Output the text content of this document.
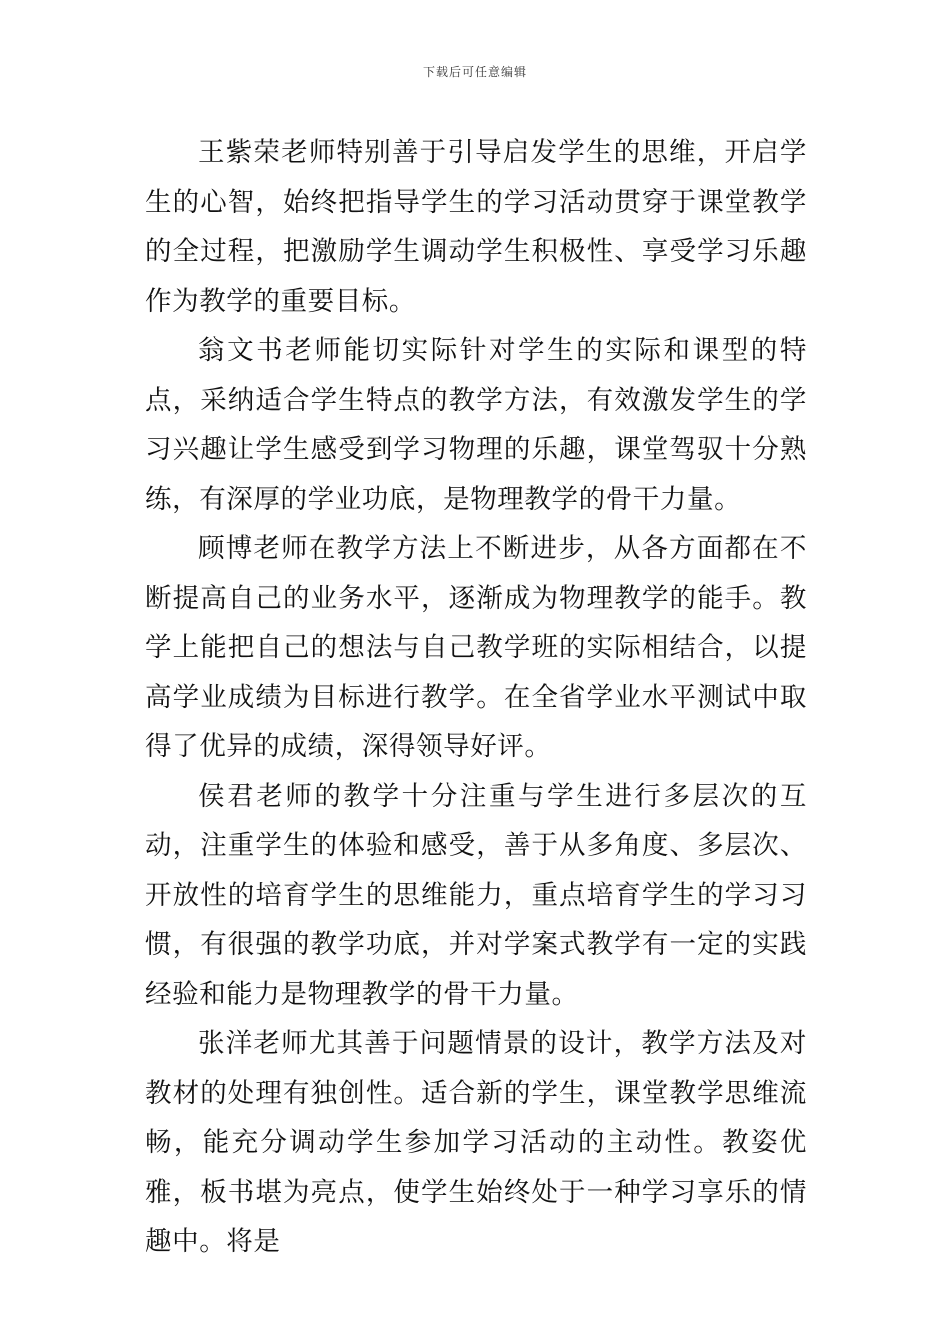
下载后可任意编辑

王紫荣老师特别善于引导启发学生的思维，开启学生的心智，始终把指导学生的学习活动贯穿于课堂教学的全过程，把激励学生调动学生积极性、享受学习乐趣作为教学的重要目标。

翁文书老师能切实际针对学生的实际和课型的特点，采纳适合学生特点的教学方法，有效激发学生的学习兴趣让学生感受到学习物理的乐趣，课堂驾驭十分熟练，有深厚的学业功底，是物理教学的骨干力量。

顾博老师在教学方法上不断进步，从各方面都在不断提高自己的业务水平，逐渐成为物理教学的能手。教学上能把自己的想法与自己教学班的实际相结合，以提高学业成绩为目标进行教学。在全省学业水平测试中取得了优异的成绩，深得领导好评。

侯君老师的教学十分注重与学生进行多层次的互动，注重学生的体验和感受，善于从多角度、多层次、开放性的培育学生的思维能力，重点培育学生的学习习惯，有很强的教学功底，并对学案式教学有一定的实践经验和能力是物理教学的骨干力量。

张洋老师尤其善于问题情景的设计，教学方法及对教材的处理有独创性。适合新的学生，课堂教学思维流畅，能充分调动学生参加学习活动的主动性。教姿优雅，板书堪为亮点，使学生始终处于一种学习享乐的情趣中。将是
